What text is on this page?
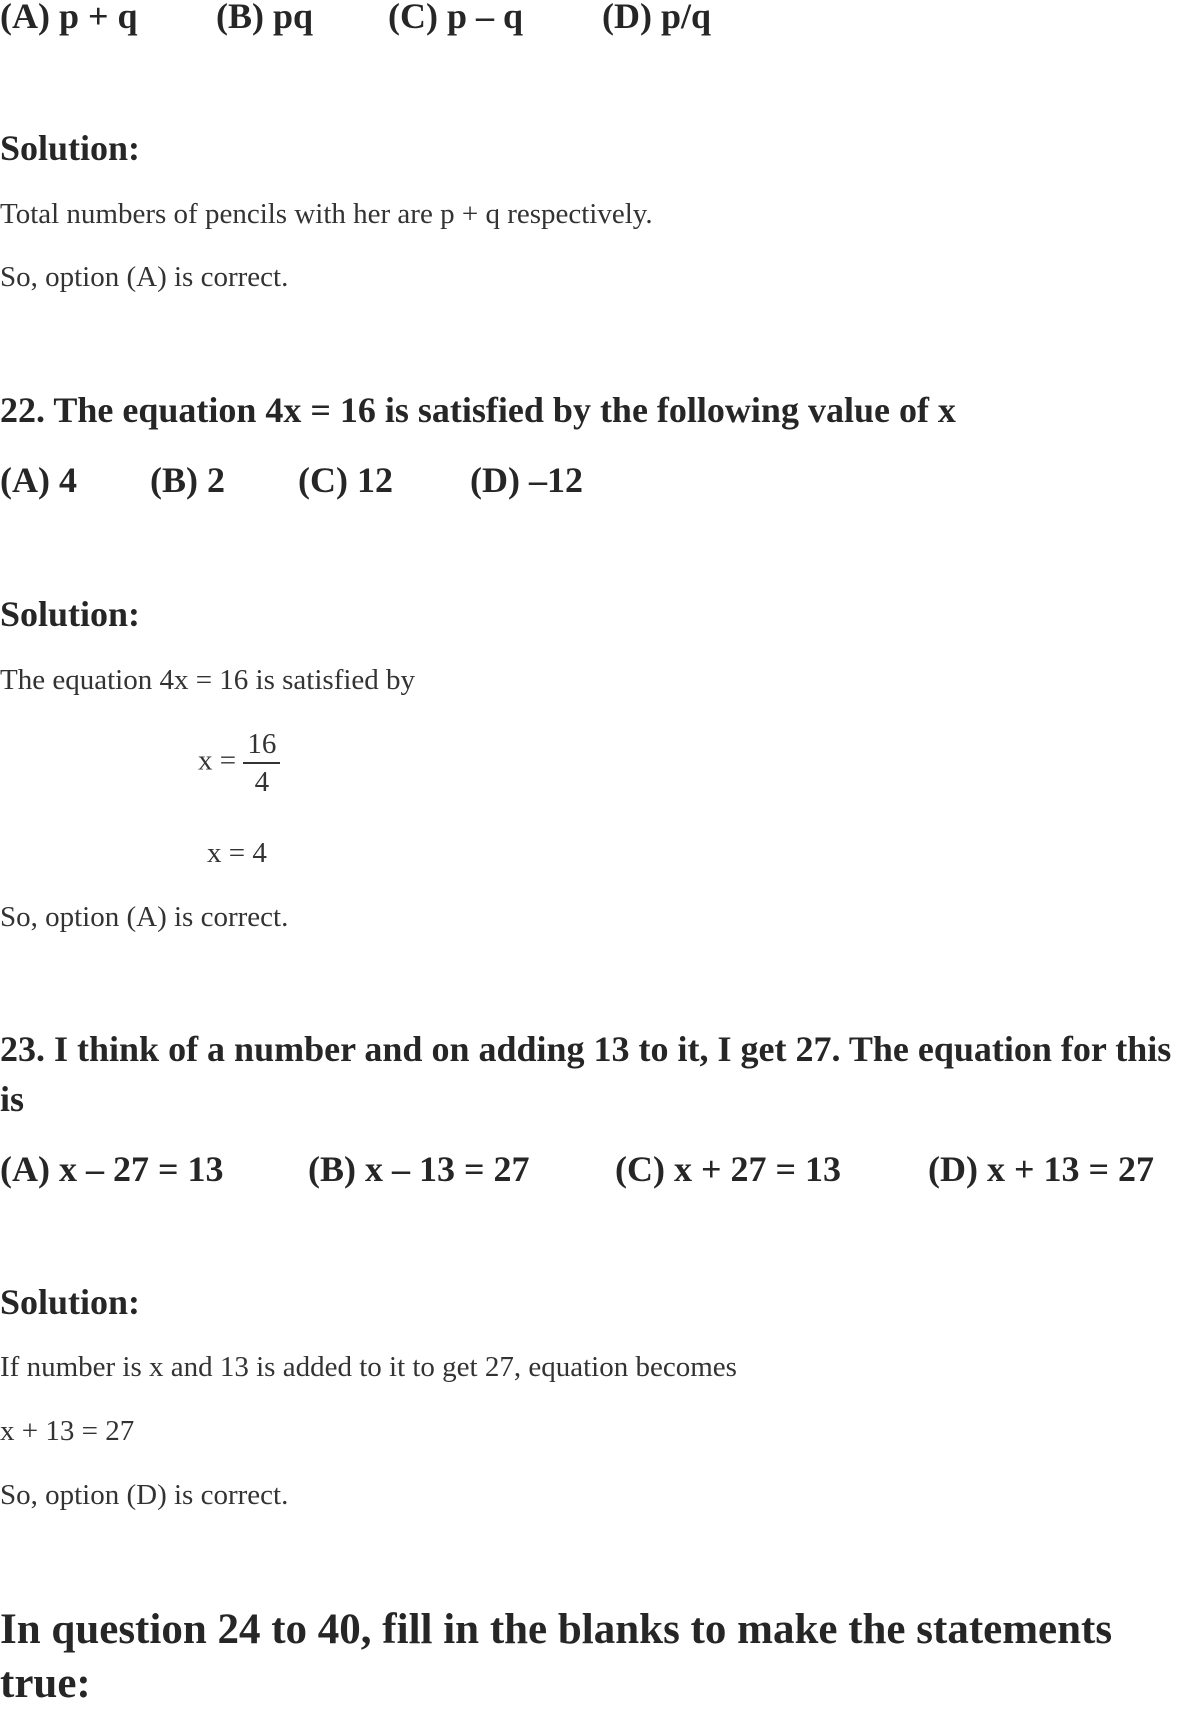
(A) p + q (B) pq (C) p – q (D) p/q
Solution:
Total numbers of pencils with her are p + q respectively.
So, option (A) is correct.
22. The equation 4x = 16 is satisfied by the following value of x
(A) 4 (B) 2 (C) 12 (D) –12
Solution:
The equation 4x = 16 is satisfied by
$x = \frac{16}{4}$
x = 4
So, option (A) is correct.
23. I think of a number and on adding 13 to it, I get 27. The equation for this is
(A) x – 27 = 13 (B) x – 13 = 27 (C) x + 27 = 13 (D) x + 13 = 27
Solution:
If number is x and 13 is added to it to get 27, equation becomes
x + 13 = 27
So, option (D) is correct.
In question 24 to 40, fill in the blanks to make the statements true:
